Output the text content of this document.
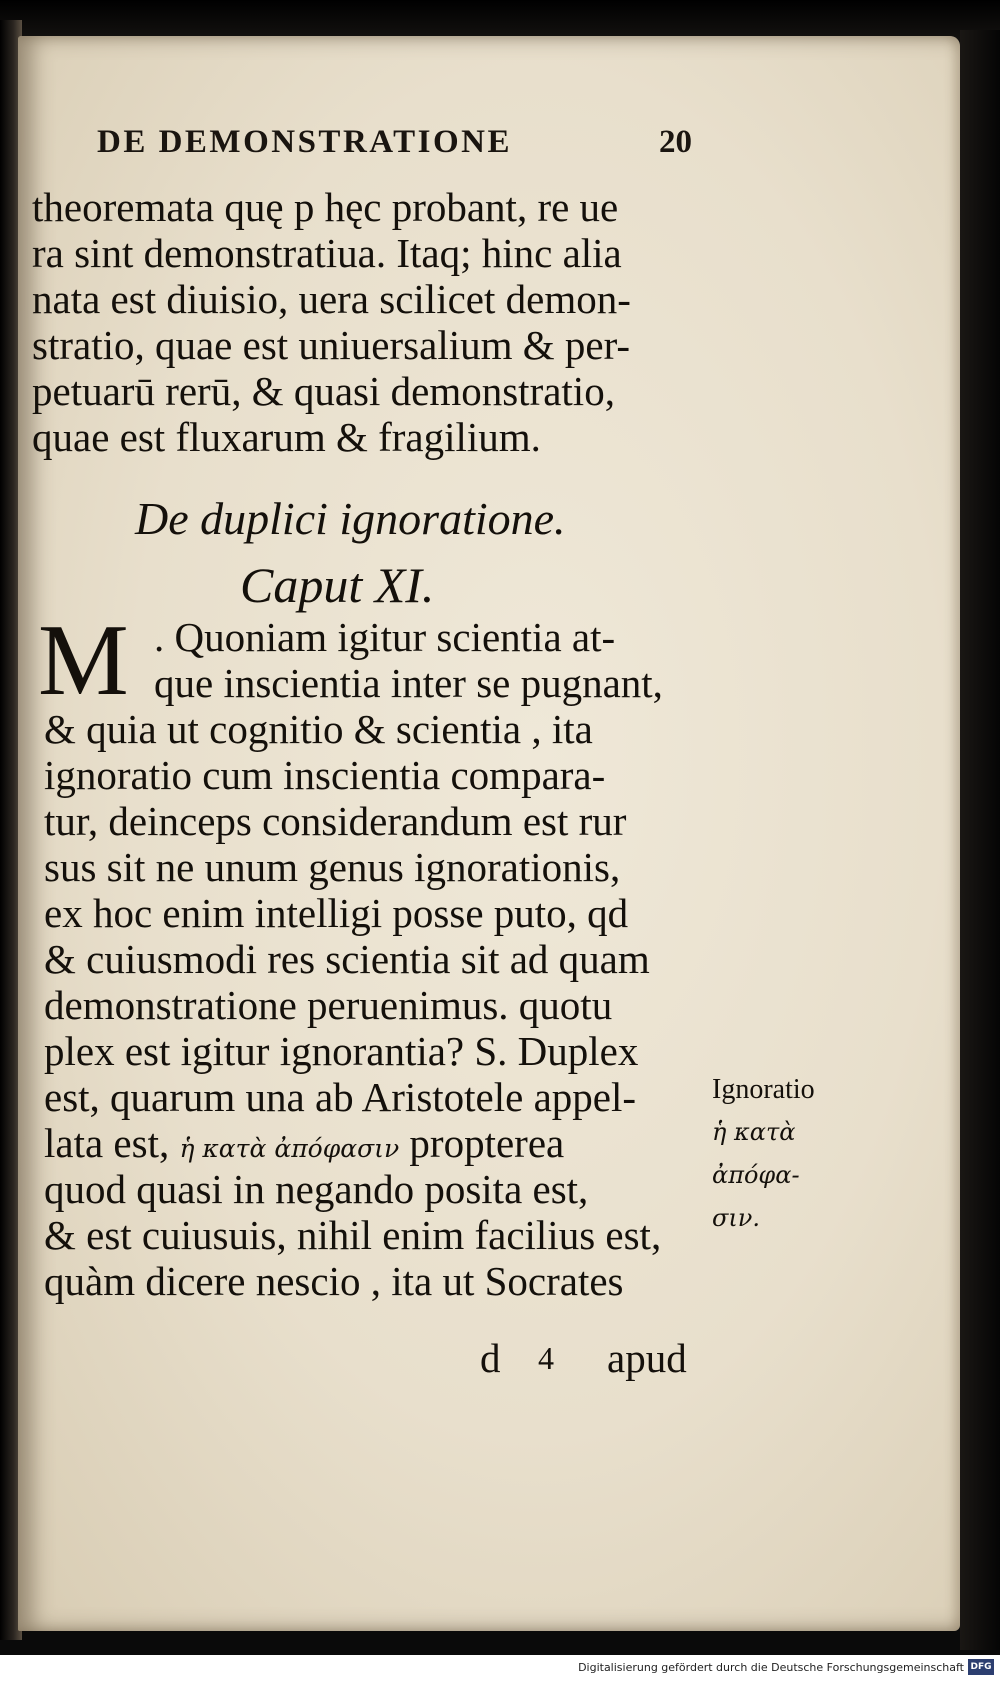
DE DEMONSTRATIONE	20
theoremata quę p hęc probant, re ue
ra sint demonstratiua. Itaq; hinc alia
nata est diuisio, uera scilicet demon-
stratio, quae est uniuersalium & per-
petuarū rerū, & quasi demonstratio,
quae est fluxarum & fragilium.
De duplici ignoratione.
Caput XI.
M . Quoniam igitur scientia at-
que inscientia inter se pugnant,
& quia ut cognitio & scientia , ita
ignoratio cum inscientia compara-
tur, deinceps considerandum est rur
sus sit ne unum genus ignorationis,
ex hoc enim intelligi posse puto, qd
& cuiusmodi res scientia sit ad quam
demonstratione peruenimus. quotu
plex est igitur ignorantia? S. Duplex
est, quarum una ab Aristotele appel-
lata est, ἡ κατὰ ἀπόφασιν propterea
quod quasi in negando posita est,
& est cuiusuis, nihil enim facilius est,
quàm dicere nescio , ita ut Socrates
d 4 apud
Ignoratio
ἡ κατὰ
ἀπόφα-
σιν.
Digitalisierung gefördert durch die Deutsche Forschungsgemeinschaft DFG
